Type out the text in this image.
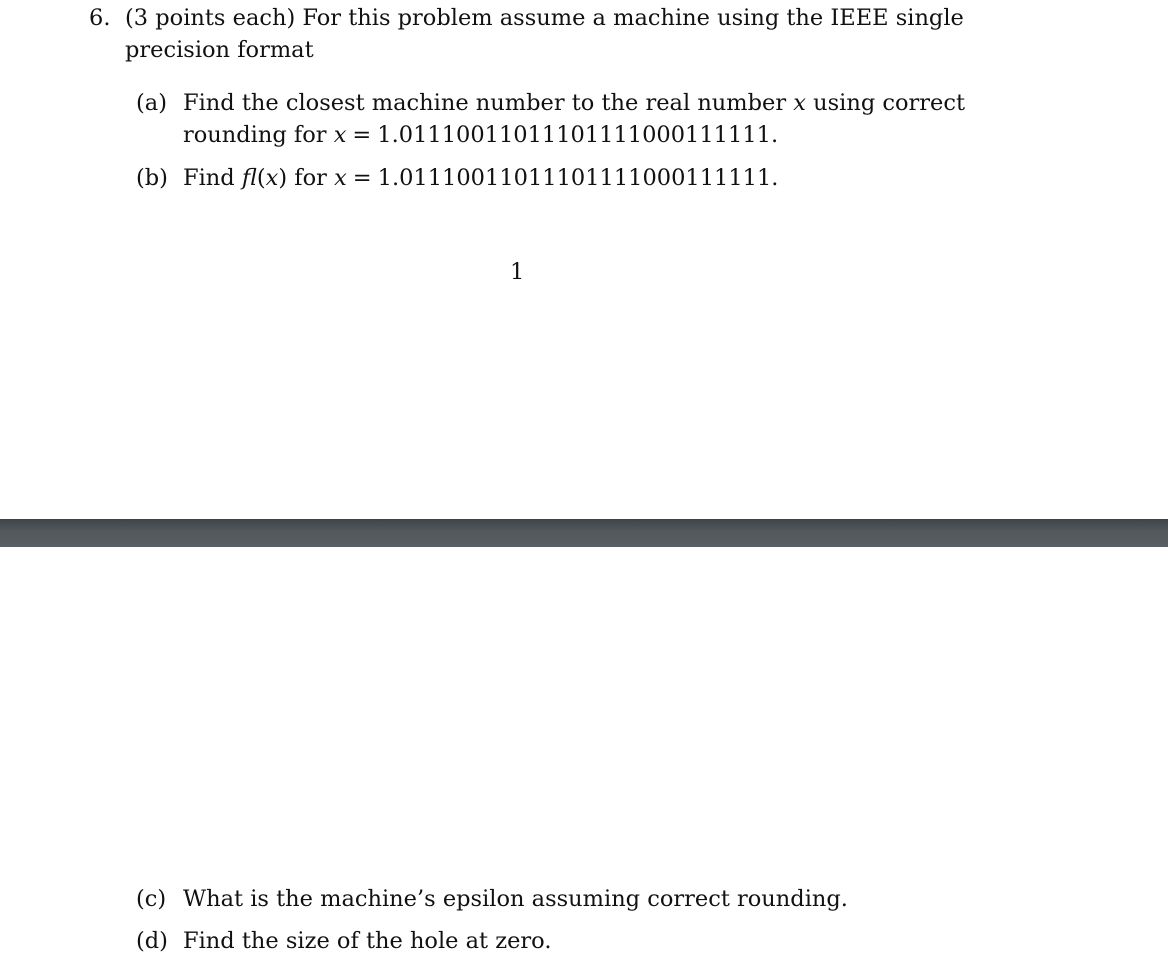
6. (3 points each) For this problem assume a machine using the IEEE single
precision format
(a) Find the closest machine number to the real number x using correct
rounding for x = 1.01110011011101111000111111.
(b) Find fl(x) for x = 1.01110011011101111000111111.
1
(c) What is the machine’s epsilon assuming correct rounding.
(d) Find the size of the hole at zero.
